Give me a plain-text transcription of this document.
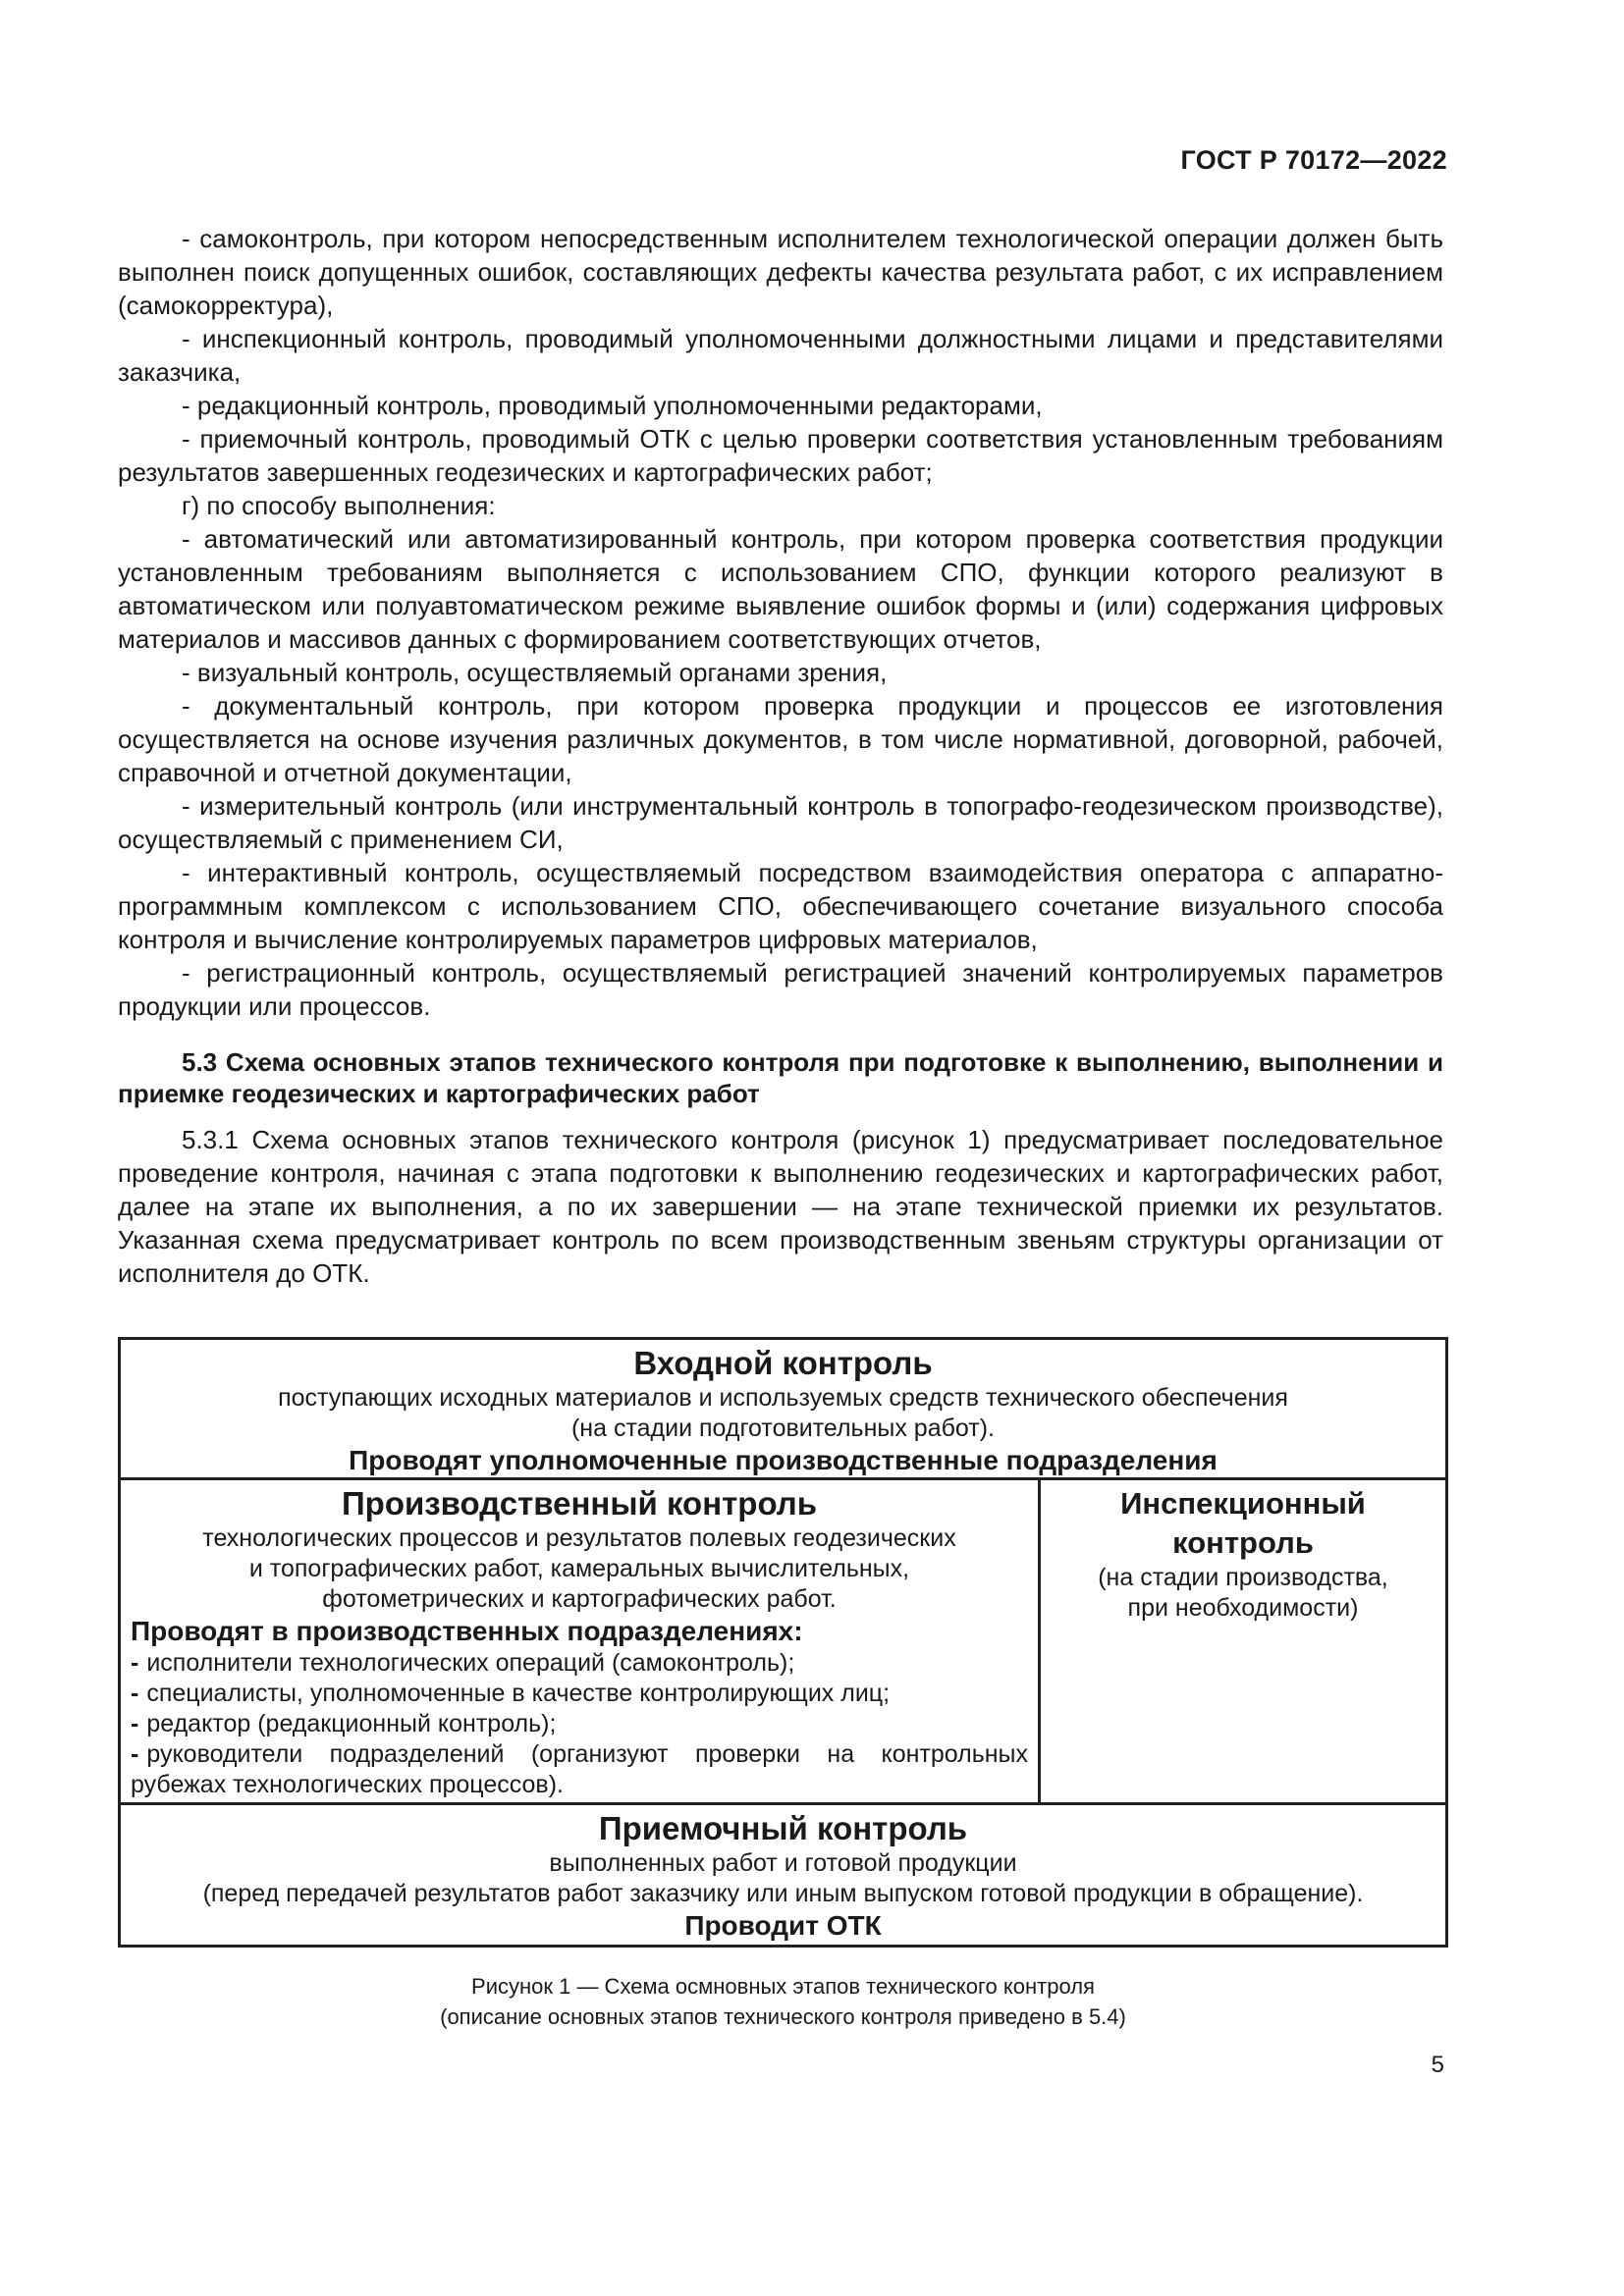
ГОСТ Р 70172—2022

- самоконтроль, при котором непосредственным исполнителем технологической операции должен быть выполнен поиск допущенных ошибок, составляющих дефекты качества результата работ, с их исправлением (самокорректура),

- инспекционный контроль, проводимый уполномоченными должностными лицами и представителями заказчика,

- редакционный контроль, проводимый уполномоченными редакторами,

- приемочный контроль, проводимый ОТК с целью проверки соответствия установленным требованиям результатов завершенных геодезических и картографических работ;

г) по способу выполнения:

- автоматический или автоматизированный контроль, при котором проверка соответствия продукции установленным требованиям выполняется с использованием СПО, функции которого реализуют в автоматическом или полуавтоматическом режиме выявление ошибок формы и (или) содержания цифровых материалов и массивов данных с формированием соответствующих отчетов,

- визуальный контроль, осуществляемый органами зрения,

- документальный контроль, при котором проверка продукции и процессов ее изготовления осуществляется на основе изучения различных документов, в том числе нормативной, договорной, рабочей, справочной и отчетной документации,

- измерительный контроль (или инструментальный контроль в топографо-геодезическом производстве), осуществляемый с применением СИ,

- интерактивный контроль, осуществляемый посредством взаимодействия оператора с аппаратно-программным комплексом с использованием СПО, обеспечивающего сочетание визуального способа контроля и вычисление контролируемых параметров цифровых материалов,

- регистрационный контроль, осуществляемый регистрацией значений контролируемых параметров продукции или процессов.

5.3 Схема основных этапов технического контроля при подготовке к выполнению, выполнении и приемке геодезических и картографических работ

5.3.1 Схема основных этапов технического контроля (рисунок 1) предусматривает последовательное проведение контроля, начиная с этапа подготовки к выполнению геодезических и картографических работ, далее на этапе их выполнения, а по их завершении — на этапе технической приемки их результатов. Указанная схема предусматривает контроль по всем производственным звеньям структуры организации от исполнителя до ОТК.

Входной контроль
поступающих исходных материалов и используемых средств технического обеспечения
(на стадии подготовительных работ).
Проводят уполномоченные производственные подразделения

Производственный контроль
технологических процессов и результатов полевых геодезических
и топографических работ, камеральных вычислительных,
фотометрических и картографических работ.
Проводят в производственных подразделениях:
- исполнители технологических операций (самоконтроль);
- специалисты, уполномоченные в качестве контролирующих лиц;
- редактор (редакционный контроль);
- руководители подразделений (организуют проверки на контрольных рубежах технологических процессов).

Инспекционный
контроль
(на стадии производства,
при необходимости)

Приемочный контроль
выполненных работ и готовой продукции
(перед передачей результатов работ заказчику или иным выпуском готовой продукции в обращение).
Проводит ОТК
Рисунок 1 — Схема осмновных этапов технического контроля
(описание основных этапов технического контроля приведено в 5.4)
5
